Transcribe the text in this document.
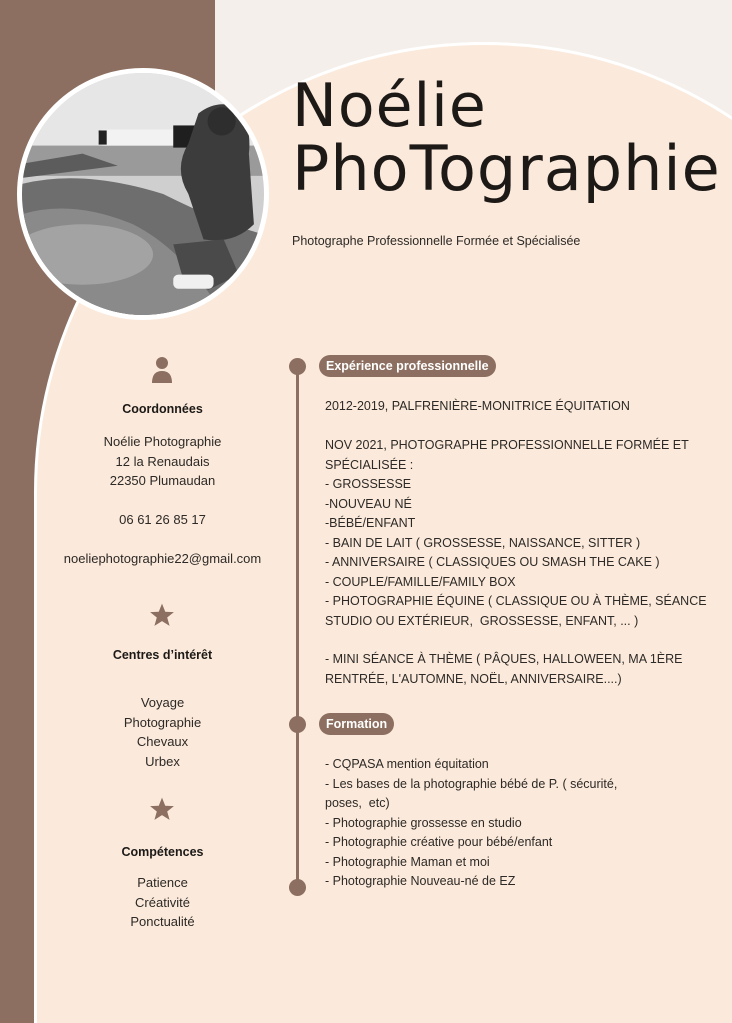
Noélie
PhoTographie
Photographe Professionnelle Formée et Spécialisée
Coordonnées
Noélie Photographie
12 la Renaudais
22350 Plumaudan
06 61 26 85 17
noeliephotographie22@gmail.com
Centres d’intérêt
Voyage
Photographie
Chevaux
Urbex
Compétences
Patience
Créativité
Ponctualité
Expérience professionnelle
2012-2019, PALFRENIÈRE-MONITRICE ÉQUITATION
NOV 2021, PHOTOGRAPHE PROFESSIONNELLE FORMÉE ET
SPÉCIALISÉE :
- GROSSESSE
-NOUVEAU NÉ
-BÉBÉ/ENFANT
- BAIN DE LAIT ( GROSSESSE, NAISSANCE, SITTER )
- ANNIVERSAIRE ( CLASSIQUES OU SMASH THE CAKE )
- COUPLE/FAMILLE/FAMILY BOX
- PHOTOGRAPHIE ÉQUINE ( CLASSIQUE OU À THÈME, SÉANCE
STUDIO OU EXTÉRIEUR,  GROSSESSE, ENFANT, ... )
- MINI SÉANCE À THÈME ( PÂQUES, HALLOWEEN, MA 1ÈRE
RENTRÉE, L'AUTOMNE, NOËL, ANNIVERSAIRE....)
Formation
- CQPASA mention équitation
- Les bases de la photographie bébé de P. ( sécurité,
poses,  etc)
- Photographie grossesse en studio
- Photographie créative pour bébé/enfant
- Photographie Maman et moi
- Photographie Nouveau-né de EZ
